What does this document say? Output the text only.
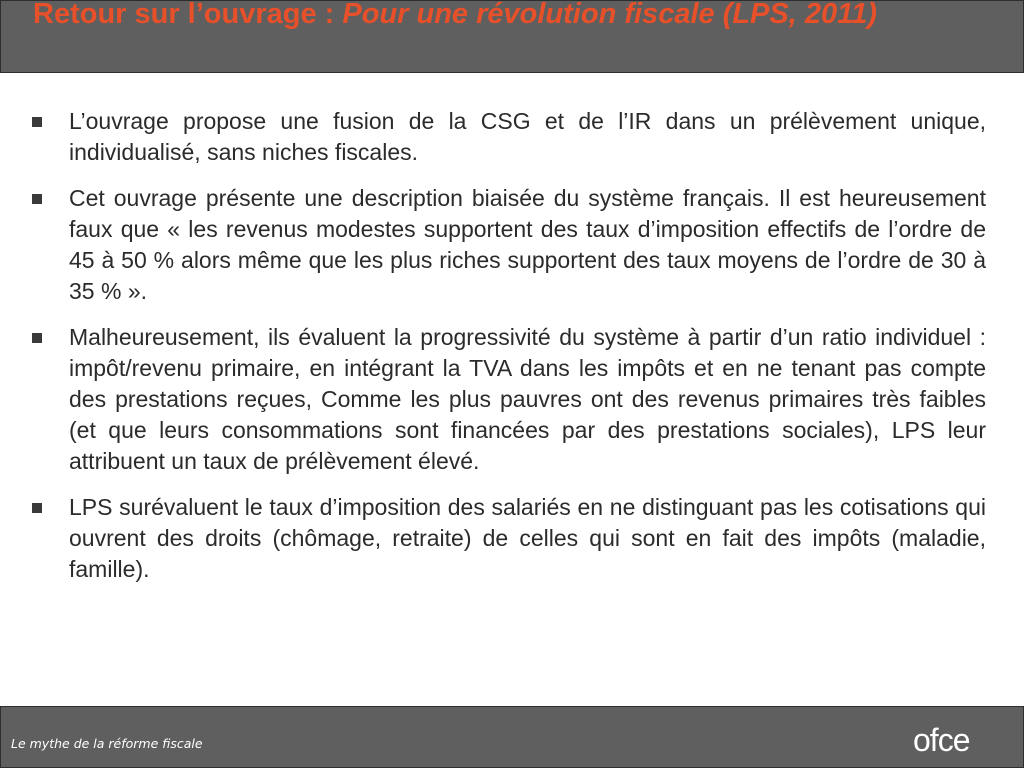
Retour sur l’ouvrage : Pour une révolution fiscale (LPS, 2011)
L’ouvrage propose une fusion de la CSG et de l’IR dans un prélèvement unique, individualisé, sans niches fiscales.
Cet ouvrage présente une description biaisée du système français. Il est heureusement faux que « les revenus modestes supportent des taux d’imposition effectifs de l’ordre de 45 à 50 % alors même que les plus riches supportent des taux moyens de l’ordre de 30 à 35 % ».
Malheureusement, ils évaluent la progressivité du système à partir d’un ratio individuel : impôt/revenu primaire, en intégrant la TVA dans les impôts et en ne tenant pas compte des prestations reçues, Comme les plus pauvres ont des revenus primaires très faibles (et que leurs consommations sont financées par des prestations sociales), LPS leur attribuent un taux de prélèvement élevé.
LPS surévaluent le taux d’imposition des salariés en ne distinguant pas les cotisations qui ouvrent des droits (chômage, retraite) de celles qui sont en fait des impôts (maladie, famille).
Le mythe de la réforme fiscale	ofce
